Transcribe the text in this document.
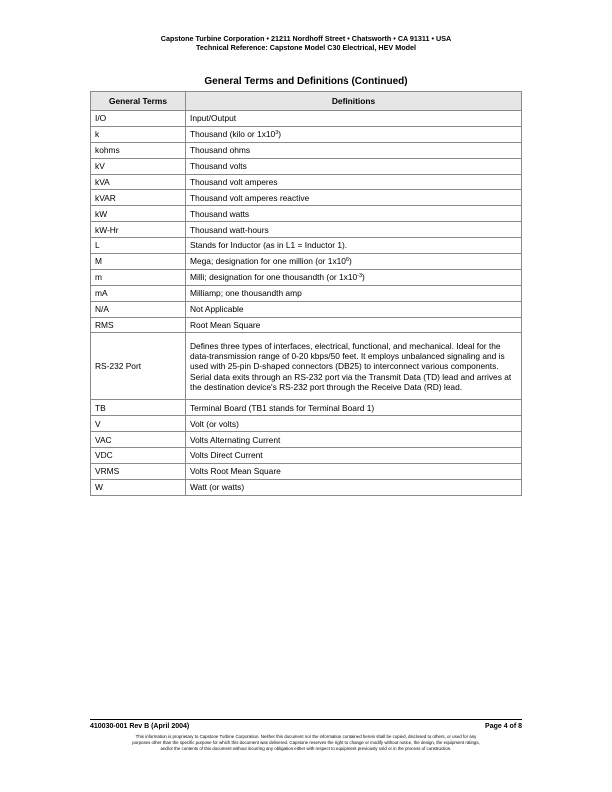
Capstone Turbine Corporation • 21211 Nordhoff Street • Chatsworth • CA 91311 • USA
Technical Reference: Capstone Model C30 Electrical, HEV Model
General Terms and Definitions (Continued)
General Terms	Definitions
I/O	Input/Output
k	Thousand (kilo or $1x10^3$)
kohms	Thousand ohms
kV	Thousand volts
kVA	Thousand volt amperes
kVAR	Thousand volt amperes reactive
kW	Thousand watts
kW-Hr	Thousand watt-hours
L	Stands for Inductor (as in L1 = Inductor 1).
M	Mega; designation for one million (or $1x10^6$)
m	Milli; designation for one thousandth (or $1x10^{-3}$)
mA	Milliamp; one thousandth amp
N/A	Not Applicable
RMS	Root Mean Square
RS-232 Port	Defines three types of interfaces, electrical, functional, and mechanical. Ideal for the data-transmission range of 0-20 kbps/50 feet. It employs unbalanced signaling and is used with 25-pin D-shaped connectors (DB25) to interconnect various components. Serial data exits through an RS-232 port via the Transmit Data (TD) lead and arrives at the destination device's RS-232 port through the Receive Data (RD) lead.
TB	Terminal Board (TB1 stands for Terminal Board 1)
V	Volt (or volts)
VAC	Volts Alternating Current
VDC	Volts Direct Current
VRMS	Volts Root Mean Square
W	Watt (or watts)
410030-001 Rev B (April 2004)	Page 4 of 8
This information is proprietary to Capstone Turbine Corporation. Neither this document nor the information contained herein shall be copied, disclosed to others, or used for any
purposes other than the specific purpose for which this document was delivered. Capstone reserves the right to change or modify without notice, the design, the equipment ratings,
and/or the contents of this document without incurring any obligation either with respect to equipment previously sold or in the process of construction.
